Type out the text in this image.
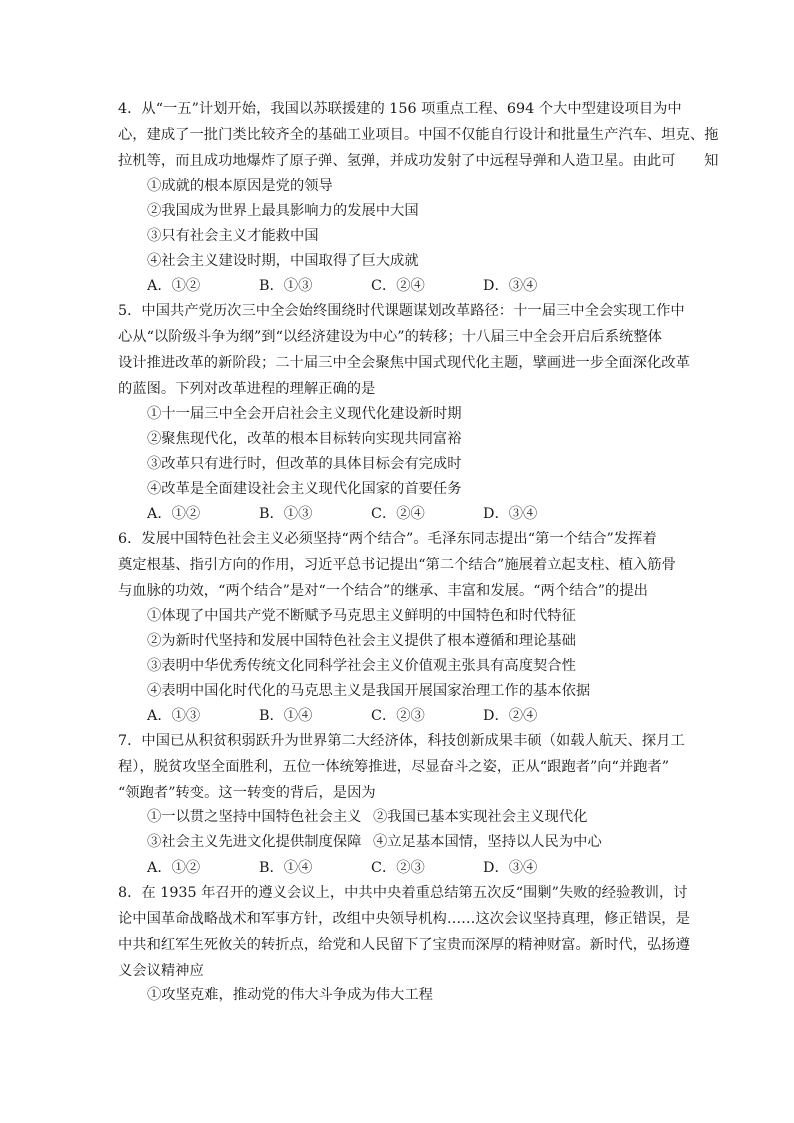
4．从“一五”计划开始，我国以苏联援建的 156 项重点工程、694 个大中型建设项目为中
心，建成了一批门类比较齐全的基础工业项目。中国不仅能自行设计和批量生产汽车、坦克、拖
拉机等，而且成功地爆炸了原子弹、氢弹，并成功发射了中远程导弹和人造卫星。由此可　　知
①成就的根本原因是党的领导
②我国成为世界上最具影响力的发展中大国
③只有社会主义才能救中国
④社会主义建设时期，中国取得了巨大成就
A．①②	B．①③	C．②④	D．③④
5．中国共产党历次三中全会始终围绕时代课题谋划改革路径：十一届三中全会实现工作中
心从“以阶级斗争为纲”到“以经济建设为中心”的转移；十八届三中全会开启后系统整体
设计推进改革的新阶段；二十届三中全会聚焦中国式现代化主题，擘画进一步全面深化改革
的蓝图。下列对改革进程的理解正确的是
①十一届三中全会开启社会主义现代化建设新时期
②聚焦现代化，改革的根本目标转向实现共同富裕
③改革只有进行时，但改革的具体目标会有完成时
④改革是全面建设社会主义现代化国家的首要任务
A．①②	B．①③	C．②④	D．③④
6．发展中国特色社会主义必须坚持“两个结合”。毛泽东同志提出“第一个结合”发挥着
奠定根基、指引方向的作用，习近平总书记提出“第二个结合”施展着立起支柱、植入筋骨
与血脉的功效，“两个结合”是对“一个结合”的继承、丰富和发展。“两个结合”的提出
①体现了中国共产党不断赋予马克思主义鲜明的中国特色和时代特征
②为新时代坚持和发展中国特色社会主义提供了根本遵循和理论基础
③表明中华优秀传统文化同科学社会主义价值观主张具有高度契合性
④表明中国化时代化的马克思主义是我国开展国家治理工作的基本依据
A．①③	B．①④	C．②③	D．②④
7．中国已从积贫积弱跃升为世界第二大经济体，科技创新成果丰硕（如载人航天、探月工
程），脱贫攻坚全面胜利，五位一体统筹推进，尽显奋斗之姿，正从“跟跑者”向“并跑者”
“领跑者”转变。这一转变的背后，是因为
①一以贯之坚持中国特色社会主义 ②我国已基本实现社会主义现代化
③社会主义先进文化提供制度保障 ④立足基本国情，坚持以人民为中心
A．①②	B．①④	C．②③	D．③④
8．在 1935 年召开的遵义会议上，中共中央着重总结第五次反“围剿”失败的经验教训，讨
论中国革命战略战术和军事方针，改组中央领导机构……这次会议坚持真理，修正错误，是
中共和红军生死攸关的转折点，给党和人民留下了宝贵而深厚的精神财富。新时代，弘扬遵
义会议精神应
①攻坚克难，推动党的伟大斗争成为伟大工程
